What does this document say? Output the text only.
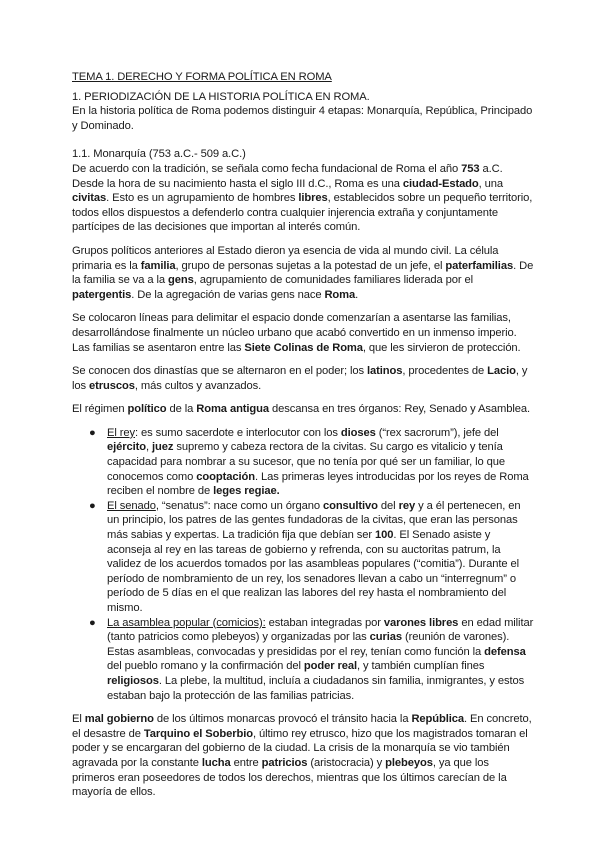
TEMA 1. DERECHO Y FORMA POLÍTICA EN ROMA

1. PERIODIZACIÓN DE LA HISTORIA POLÍTICA EN ROMA.

En la historia política de Roma podemos distinguir 4 etapas: Monarquía, República, Principado y Dominado.

1.1. Monarquía (753 a.C.- 509 a.C.)

De acuerdo con la tradición, se señala como fecha fundacional de Roma el año 753 a.C. Desde la hora de su nacimiento hasta el siglo III d.C., Roma es una ciudad-Estado, una civitas. Esto es un agrupamiento de hombres libres, establecidos sobre un pequeño territorio, todos ellos dispuestos a defenderlo contra cualquier injerencia extraña y conjuntamente partícipes de las decisiones que importan al interés común.

Grupos políticos anteriores al Estado dieron ya esencia de vida al mundo civil. La célula primaria es la familia, grupo de personas sujetas a la potestad de un jefe, el paterfamilias. De la familia se va a la gens, agrupamiento de comunidades familiares liderada por el patergentis. De la agregación de varias gens nace Roma.

Se colocaron líneas para delimitar el espacio donde comenzarían a asentarse las familias, desarrollándose finalmente un núcleo urbano que acabó convertido en un inmenso imperio. Las familias se asentaron entre las Siete Colinas de Roma, que les sirvieron de protección.

Se conocen dos dinastías que se alternaron en el poder; los latinos, procedentes de Lacio, y los etruscos, más cultos y avanzados.

El régimen político de la Roma antigua descansa en tres órganos: Rey, Senado y Asamblea.

● El rey: es sumo sacerdote e interlocutor con los dioses (“rex sacrorum”), jefe del ejército, juez supremo y cabeza rectora de la civitas. Su cargo es vitalicio y tenía capacidad para nombrar a su sucesor, que no tenía por qué ser un familiar, lo que conocemos como cooptación. Las primeras leyes introducidas por los reyes de Roma reciben el nombre de leges regiae.
● El senado, “senatus”: nace como un órgano consultivo del rey y a él pertenecen, en un principio, los patres de las gentes fundadoras de la civitas, que eran las personas más sabias y expertas. La tradición fija que debían ser 100. El Senado asiste y aconseja al rey en las tareas de gobierno y refrenda, con su auctoritas patrum, la validez de los acuerdos tomados por las asambleas populares (“comitia”). Durante el período de nombramiento de un rey, los senadores llevan a cabo un “interregnum” o período de 5 días en el que realizan las labores del rey hasta el nombramiento del mismo.
● La asamblea popular (comicios): estaban integradas por varones libres en edad militar (tanto patricios como plebeyos) y organizadas por las curias (reunión de varones). Estas asambleas, convocadas y presididas por el rey, tenían como función la defensa del pueblo romano y la confirmación del poder real, y también cumplían fines religiosos. La plebe, la multitud, incluía a ciudadanos sin familia, inmigrantes, y estos estaban bajo la protección de las familias patricias.

El mal gobierno de los últimos monarcas provocó el tránsito hacia la República. En concreto, el desastre de Tarquino el Soberbio, último rey etrusco, hizo que los magistrados tomaran el poder y se encargaran del gobierno de la ciudad. La crisis de la monarquía se vio también agravada por la constante lucha entre patricios (aristocracia) y plebeyos, ya que los primeros eran poseedores de todos los derechos, mientras que los últimos carecían de la mayoría de ellos.
